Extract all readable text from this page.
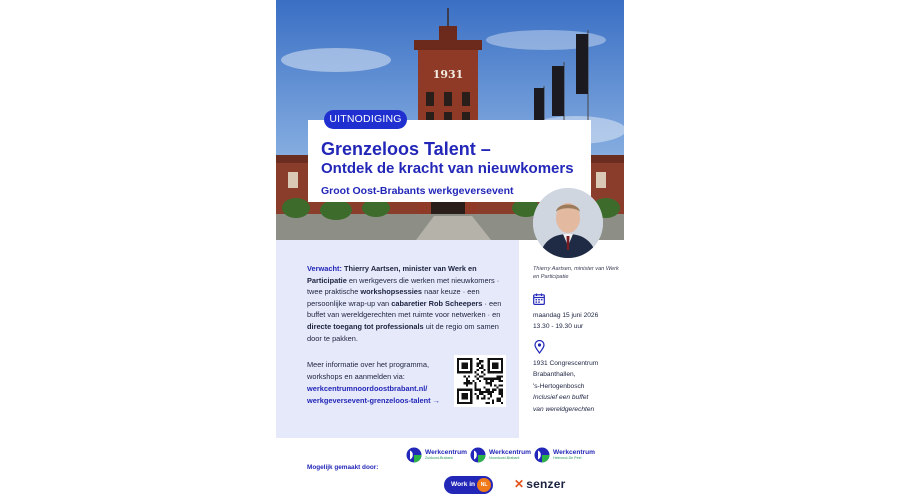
1931
Grenzeloos Talent –
Ontdek de kracht van nieuwkomers
Groot Oost-Brabants werkgeversevent
UITNODIGING

Verwacht: Thierry Aartsen, minister van Werk en Participatie en werkgevers die werken met nieuwkomers · twee praktische workshopsessies naar keuze · een persoonlijke wrap-up van cabaretier Rob Scheepers · een buffet van wereldgerechten met ruimte voor netwerken · en directe toegang tot professionals uit de regio om samen door te pakken.

Meer informatie over het programma, workshops en aanmelden via:
werkcentrumnoordoostbrabant.nl/
werkgeversevent-grenzeloos-talent →
Thierry Aartsen, minister van Werk en Participatie
maandag 15 juni 2026
13.30 - 19.30 uur
1931 Congrescentrum
Brabanthallen,
's-Hertogenbosch
Inclusief een buffet
van wereldgerechten
Mogelijk gemaakt door:
Werkcentrum
Zuidoost-Brabant
Werkcentrum
Noordoost-Brabant
Werkcentrum
Helmond-De Peel
Work in	NL	✕ senzer
